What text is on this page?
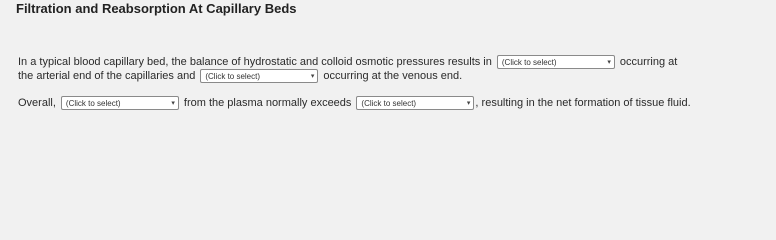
Filtration and Reabsorption At Capillary Beds
In a typical blood capillary bed, the balance of hydrostatic and colloid osmotic pressures results in (Click to select)	▾ occurring at
the arterial end of the capillaries and (Click to select)	▾ occurring at the venous end.
Overall, (Click to select)	▾ from the plasma normally exceeds (Click to select)	▾ , resulting in the net formation of tissue fluid.
